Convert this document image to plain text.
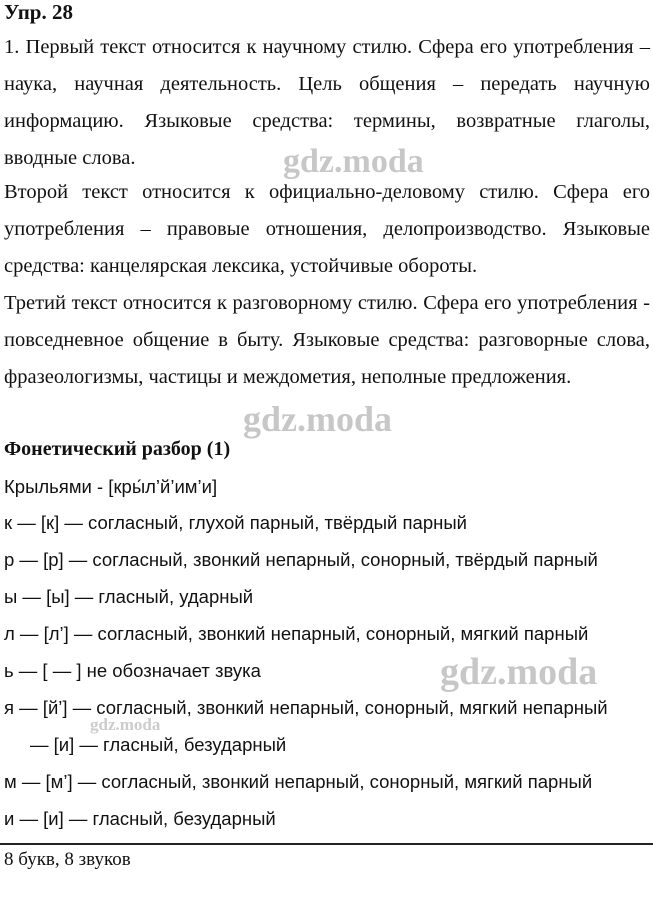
Упр. 28
1. Первый текст относится к научному стилю. Сфера его употребления – наука, научная деятельность. Цель общения – передать научную информацию. Языковые средства: термины, возвратные глаголы, вводные слова.
Второй текст относится к официально-деловому стилю. Сфера его употребления – правовые отношения, делопроизводство. Языковые средства: канцелярская лексика, устойчивые обороты.
Третий текст относится к разговорному стилю. Сфера его употребления - повседневное общение в быту. Языковые средства: разговорные слова, фразеологизмы, частицы и междометия, неполные предложения.
Фонетический разбор (1)
Крыльями - [кры́л’й’им’и]
к — [к] — согласный, глухой парный, твёрдый парный
р — [р] — согласный, звонкий непарный, сонорный, твёрдый парный
ы — [ы] — гласный, ударный
л — [л’] — согласный, звонкий непарный, сонорный, мягкий парный
ь — [ — ] не обозначает звука
я — [й’] — согласный, звонкий непарный, сонорный, мягкий непарный
— [и] — гласный, безударный
м — [м’] — согласный, звонкий непарный, сонорный, мягкий парный
и — [и] — гласный, безударный
8 букв, 8 звуков
gdz.moda
gdz.moda
gdz.moda
gdz.moda
